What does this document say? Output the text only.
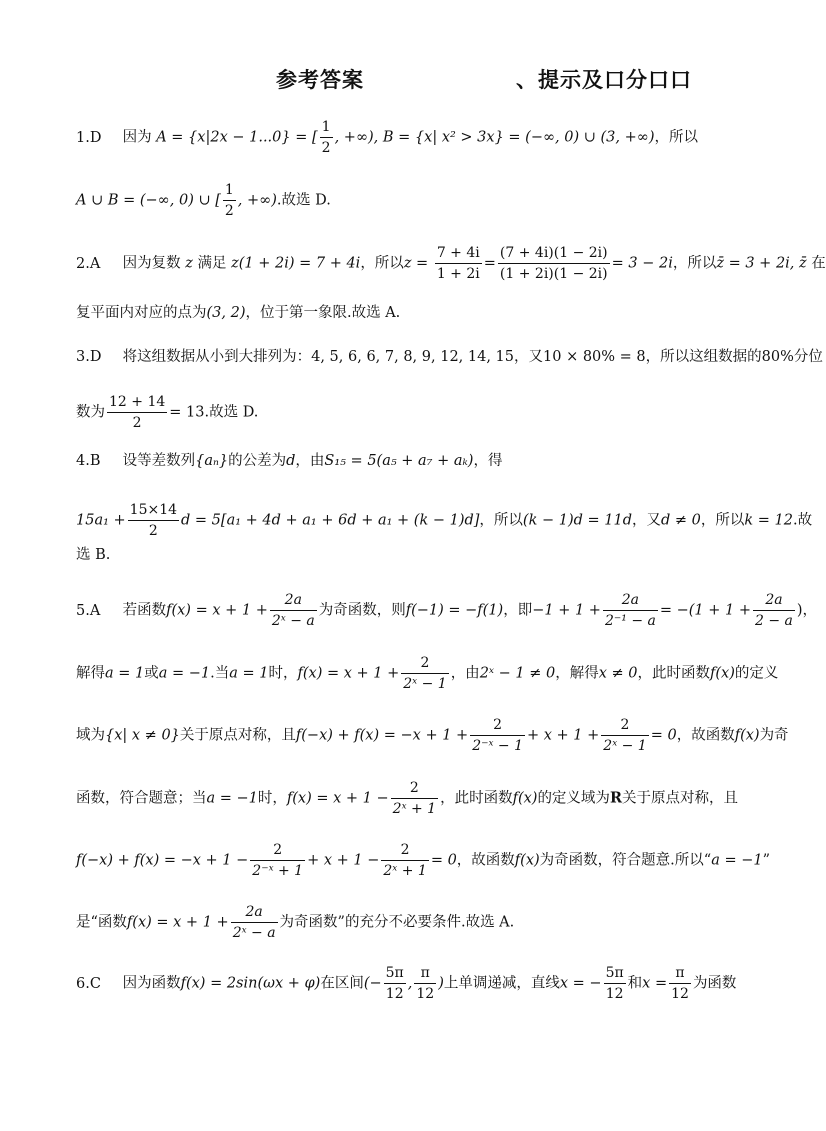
参考答案	、提示及口分口口
1.D 因为 A = {x|2x − 1...0} = [ $\frac{1}{2}$ , +∞), B = {x| x² > 3x} = (−∞, 0) ∪ (3, +∞)，所以
A ∪ B = (−∞, 0) ∪ [ $\frac{1}{2}$ , +∞).故选 D.
2.A 因为复数 z 满足 z(1 + 2i) = 7 + 4i，所以$z = \frac{7 + 4i}{1 + 2i} = \frac{(7 + 4i)(1 - 2i)}{(1 + 2i)(1 - 2i)} = 3 - 2i$，所以z̄ = 3 + 2i, z̄ 在
复平面内对应的点为(3, 2)，位于第一象限.故选 A.
3.D 将这组数据从小到大排列为：4, 5, 6, 6, 7, 8, 9, 12, 14, 15，又10 × 80% = 8，所以这组数据的80%分位
数为 $\frac{12 + 14}{2} = 13$.故选 D.
4.B 设等差数列{aₙ}的公差为d，由S₁₅ = 5(a₅ + a₇ + aₖ)，得
$15a_1 + \frac{15\times 14}{2}$ d = 5[a₁ + 4d + a₁ + 6d + a₁ + (k − 1)d]，所以(k − 1)d = 11d，又d ≠ 0，所以k = 12.故
选 B.
5.A 若函数$f(x) = x + 1 + \frac{2a}{\text{2ˣ − a}}$ 为奇函数，则f(−1) = −f(1)，即$-1 + 1 + \frac{2a}{\text{2⁻¹ − a}} = -(1 + 1 + \frac{2a}{2 - a}$ )，
解得a = 1或a = −1.当a = 1时，$f(x) = x + 1 + \frac{2}{\text{2ˣ − 1}}$ ，由2ˣ − 1 ≠ 0，解得x ≠ 0，此时函数f(x)的定义
域为{x| x ≠ 0}关于原点对称，且$f(-x) + f(x) = -x + 1 + \frac{2}{\text{2⁻ˣ − 1}} + x + 1 + \frac{2}{\text{2ˣ − 1}} = 0$，故函数f(x)为奇
函数，符合题意；当a = −1时，$f(x) = x + 1 - \frac{2}{\text{2ˣ + 1}}$ ，此时函数f(x)的定义域为R关于原点对称，且
$f(-x) + f(x) = -x + 1 - \frac{2}{\text{2⁻ˣ + 1}} + x + 1 - \frac{2}{\text{2ˣ + 1}} = 0$，故函数f(x)为奇函数，符合题意.所以“a = −1”
是“函数$f(x) = x + 1 + \frac{2a}{\text{2ˣ − a}}$ 为奇函数”的充分不必要条件.故选 A.
6.C 因为函数f(x) = 2sin(ωx + φ)在区间(− $\frac{5\pi}{12}$ , $\frac{\pi}{12}$ )上单调递减，直线x = − $\frac{5\pi}{12}$ 和$x = \frac{\pi}{12}$ 为函数
